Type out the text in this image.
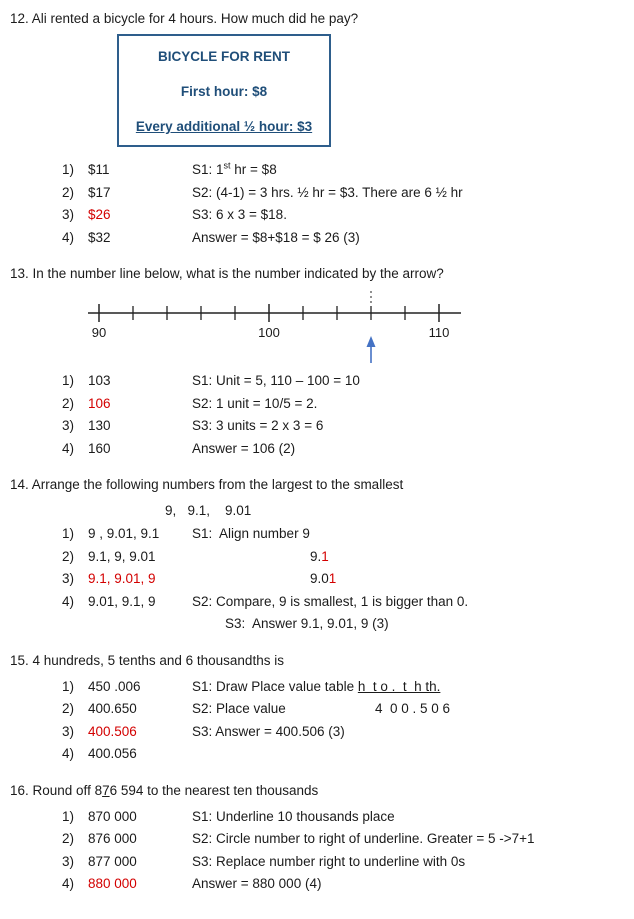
12. Ali rented a bicycle for 4 hours. How much did he pay?
BICYCLE FOR RENT
First hour: $8
Every additional ½ hour: $3
1)	$11	S1: 1st hr = $8
2)	$17	S2: (4-1) = 3 hrs. ½ hr = $3. There are 6 ½ hr
3)	$26	S3: 6 x 3 = $18.
4)	$32	Answer = $8+$18 = $ 26 (3)
13. In the number line below, what is the number indicated by the arrow?
90	100	110
1)	103	S1: Unit = 5, 110 – 100 = 10
2)	106	S2: 1 unit = 10/5 = 2.
3)	130	S3: 3 units = 2 x 3 = 6
4)	160	Answer = 106 (2)
14. Arrange the following numbers from the largest to the smallest
9,   9.1,    9.01
1)	9 , 9.01, 9.1	S1:  Align number 9
2)	9.1, 9, 9.01	9.1
3)	9.1, 9.01, 9	9.01
4)	9.01, 9.1, 9	S2: Compare, 9 is smallest, 1 is bigger than 0.
S3:  Answer 9.1, 9.01, 9 (3)
15. 4 hundreds, 5 tenths and 6 thousandths is
1)	450 .006	S1: Draw Place value table h  t o .  t  h th.
2)	400.650	S2: Place value	4  0 0 . 5 0 6
3)	400.506	S3: Answer = 400.506 (3)
4)	400.056
16. Round off 876 594 to the nearest ten thousands
1)	870 000	S1: Underline 10 thousands place
2)	876 000	S2: Circle number to right of underline. Greater = 5 ->7+1
3)	877 000	S3: Replace number right to underline with 0s
4)	880 000	Answer = 880 000 (4)
